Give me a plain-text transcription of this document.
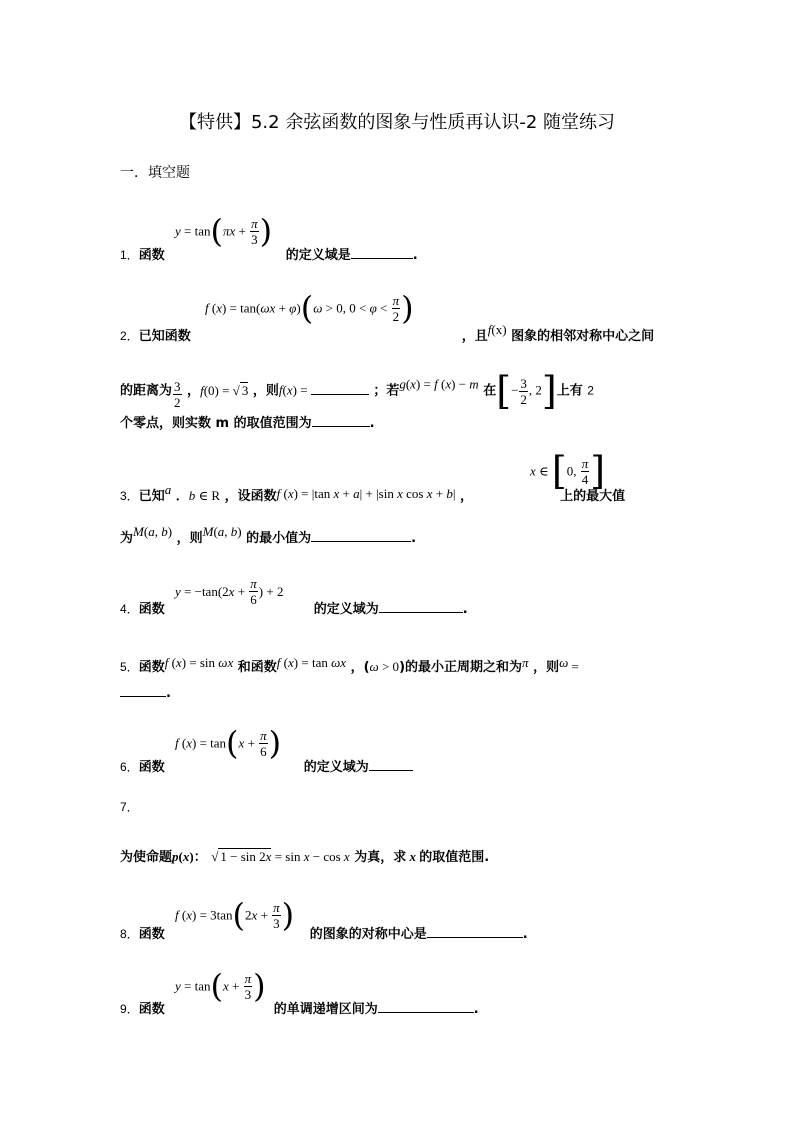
【特供】5.2 余弦函数的图象与性质再认识-2 随堂练习
一．填空题
$y = \tan(\pi x + \frac{\pi}{3}$ )
1．函数	的定义域是	.
f (x) = tan(ωx + φ)(ω > 0, $0 < \varphi < \frac{\pi}{2}$ )
2．已知函数	，且f(x) 图象的相邻对称中心之间
的距离为 $\frac{3}{2}$ ，f(0) = √ 3 ，则f(x) =	；若g(x) = f (x) − m 在[− $\frac{3}{2}$ , 2]上有 2
个零点，则实数 m 的取值范围为	.
x ∈ [0, $\frac{\pi}{4}$ ]
3．已知a ．b ∈ R ，设函数f (x) = |tan x + a| + |sin x cos x + b| ，	上的最大值
为M(a, b) ，则M(a, b) 的最小值为	.
$y = -\tan(2x + \frac{\pi}{6}$ ) + 2
4．函数	的定义域为	.
5．函数f (x) = sin ωx 和函数f (x) = tan ωx ，(ω > 0)的最小正周期之和为π ，则ω =
.
f $(x) = \tan(x + \frac{\pi}{6}$ )
6．函数	的定义域为
7．
为使命题p(x)： √ 1 − sin 2x = sin x − cos x 为真，求 x 的取值范围.
f $(x) = 3\tan(2x + \frac{\pi}{3}$ )
8．函数	的图象的对称中心是	.
$y = \tan(x + \frac{\pi}{3}$ )
9．函数	的单调递增区间为	.
